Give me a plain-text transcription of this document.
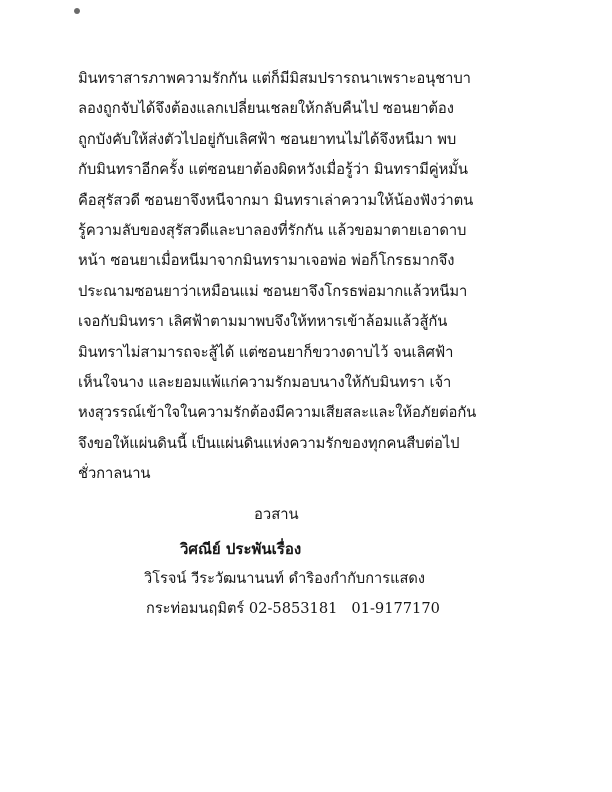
มินทราสารภาพความรักกัน แต่ก็มีมิสมปรารถนาเพราะอนุชาบา
ลองถูกจับได้จึงต้องแลกเปลี่ยนเชลยให้กลับคืนไป ซอนยาต้อง
ถูกบังคับให้ส่งตัวไปอยู่กับเลิศฟ้า ซอนยาทนไม่ได้จึงหนีมา พบ
กับมินทราอีกครั้ง แต่ซอนยาต้องผิดหวังเมื่อรู้ว่า มินทรามีคู่หมั้น
คือสุรัสวดี ซอนยาจึงหนีจากมา มินทราเล่าความให้น้องฟังว่าตน
รู้ความลับของสุรัสวดีและบาลองที่รักกัน แล้วขอมาตายเอาดาบ
หน้า ซอนยาเมื่อหนีมาจากมินทรามาเจอพ่อ พ่อก็โกรธมากจึง
ประณามซอนยาว่าเหมือนแม่ ซอนยาจึงโกรธพ่อมากแล้วหนีมา
เจอกับมินทรา เลิศฟ้าตามมาพบจึงให้ทหารเข้าล้อมแล้วสู้กัน
มินทราไม่สามารถจะสู้ได้ แต่ซอนยาก็ขวางดาบไว้ จนเลิศฟ้า
เห็นใจนาง และยอมแพ้แก่ความรักมอบนางให้กับมินทรา เจ้า
หงสุวรรณ์เข้าใจในความรักต้องมีความเสียสละและให้อภัยต่อกัน
จึงขอให้แผ่นดินนี้ เป็นแผ่นดินแห่งความรักของทุกคนสืบต่อไป
ชั่วกาลนาน
อวสาน
วิศณีย์ ประพันเรื่อง
วิโรจน์ วีระวัฒนานนท์ ดำริองกำกับการแสดง
กระท่อมนฤมิตร์ 02-5853181 01-9177170
